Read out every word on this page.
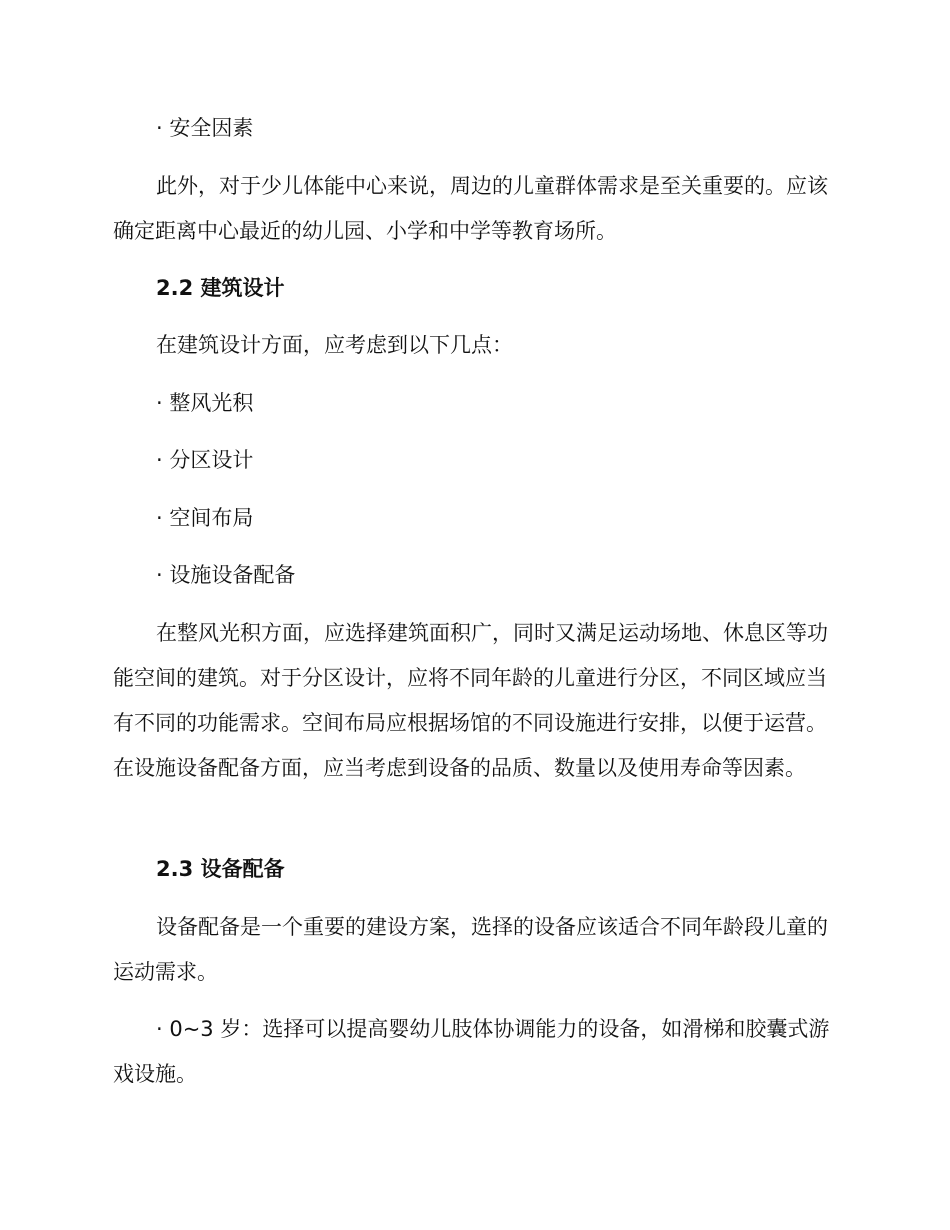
· 安全因素

此外，对于少儿体能中心来说，周边的儿童群体需求是至关重要的。应该确定距离中心最近的幼儿园、小学和中学等教育场所。

2.2 建筑设计

在建筑设计方面，应考虑到以下几点：

· 整风光积

· 分区设计

· 空间布局

· 设施设备配备

在整风光积方面，应选择建筑面积广，同时又满足运动场地、休息区等功能空间的建筑。对于分区设计，应将不同年龄的儿童进行分区，不同区域应当有不同的功能需求。空间布局应根据场馆的不同设施进行安排，以便于运营。在设施设备配备方面，应当考虑到设备的品质、数量以及使用寿命等因素。

2.3 设备配备

设备配备是一个重要的建设方案，选择的设备应该适合不同年龄段儿童的运动需求。

· 0~3 岁：选择可以提高婴幼儿肢体协调能力的设备，如滑梯和胶囊式游戏设施。
